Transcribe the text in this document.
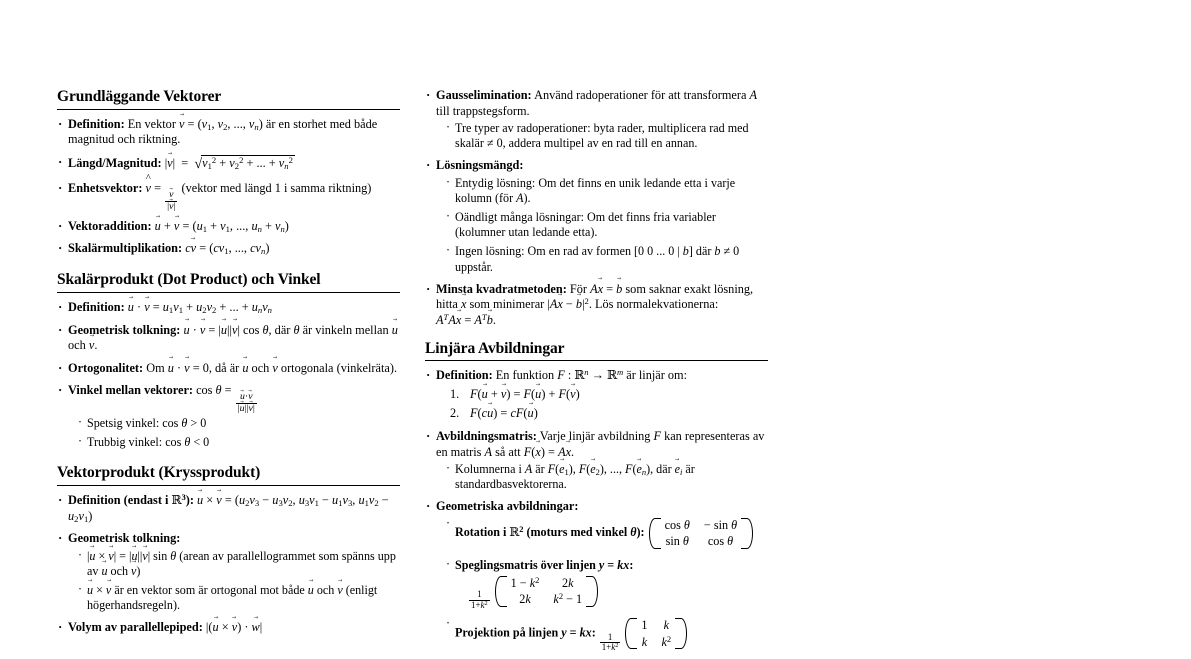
Grundläggande Vektorer
· Definition: En vektor v → = ($v_1$, $v_2$, ..., $v_n$) är en storhet med både magnitud och riktning.
· Längd/Magnitud: |v →|  =  $√v_1^2 + v_2^2$ + ... + $v_n^2$
· Enhetsvektor: v ^ =
$\frac{v \to}{|v \to|}$
(vektor med längd 1 i samma riktning)
· Vektoraddition: u → + v → = ($u_1 + v_1$, ..., $u_n + v_n$)
· Skalärmultiplikation: cv → = ($cv_1$, ..., $cv_n$)
Skalärprodukt (Dot Product) och Vinkel
· Definition: u → · v → = $u_1v_1 + u_2v_2$ + ... + $u_nv_n$
· Geometrisk tolkning: u → · v → = |u →||v →| cos θ, där θ är vinkeln mellan u → och v →.
· Ortogonalitet: Om u → · v → = 0, då är u → och v → ortogonala (vinkelräta).
· Vinkel mellan vektorer: cos θ =
$\frac{u \to\cdot v \to}{|u \to||v \to|}$
· Spetsig vinkel: cos θ > 0
· Trubbig vinkel: cos θ < 0
Vektorprodukt (Kryssprodukt)
· Definition (endast i ℝ$^3$): u → × v → = ($u_2v_3 - u_3v_2$, $u_3v_1 - u_1v_3$, $u_1v_2 - u_2v_1$)
· Geometrisk tolkning:
· |u → × v →| = |u →||v →| sin θ (arean av parallellogrammet som spänns upp av u → och v →)
· u → × v → är en vektor som är ortogonal mot både u → och v → (enligt högerhandsregeln).
· Volym av parallellepiped: |(u → × v →) · w →|
· Gausselimination: Använd radoperationer för att transformera A till trappstegsform.
· Tre typer av radoperationer: byta rader, multiplicera rad med skalär ≠ 0, addera multipel av en rad till en annan.
· Lösningsmängd:
· Entydig lösning: Om det finns en unik ledande etta i varje kolumn (för A).
· Oändligt många lösningar: Om det finns fria variabler (kolumner utan ledande etta).
· Ingen lösning: Om en rad av formen [0 0 ... 0 | b] där b ≠ 0 uppstår.
· Minsta kvadratmetoden: För Ax → = b → som saknar exakt lösning, hitta x → som minimerar |Ax → − $b \to|^2$. Lös normalekvationerna: $A^TAx$ → = $A^Tb$ →.
Linjära Avbildningar
· Definition: En funktion F : ℝ$^n$ → ℝ$^m$ är linjär om:
F(u → + v →) = F(u →) + F(v →)
F(cu →) = cF(u →)
· Avbildningsmatris: Varje linjär avbildning F kan representeras av en matris A så att F(x →) = Ax →.
· Kolumnerna i A är $F(e \to_1)$, $F(e \to_2)$, ..., $F(e \to_n)$, där $e \to_i$ är standardbasvektorerna.
· Geometriska avbildningar:
· Rotation i ℝ$^2$ (moturs med vinkel θ):
cos θ	− sin θ
sin θ	cos θ
· Speglingsmatris över linjen y = kx:
$\frac{1}{1+k^2}$

$1 - k^2$	2k
2k	$k^2 - 1$
· Projektion på linjen y = kx:
$\frac{1}{1+k^2}$

1	k
k	$k^2$
